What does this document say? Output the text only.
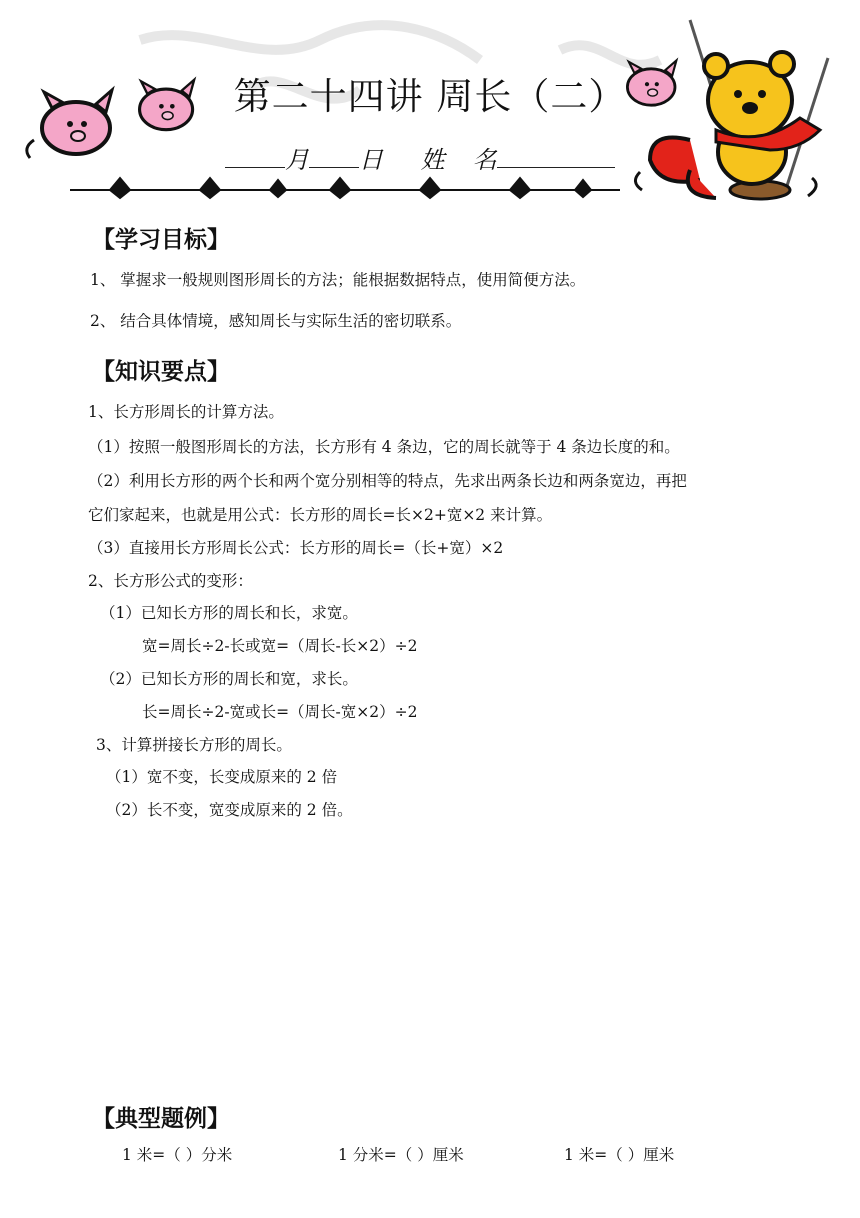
第二十四讲 周长（二）
月 日 姓 名
【学习目标】
1、 掌握求一般规则图形周长的方法；能根据数据特点，使用简便方法。
2、 结合具体情境，感知周长与实际生活的密切联系。
【知识要点】
1、长方形周长的计算方法。
（1）按照一般图形周长的方法，长方形有 4 条边，它的周长就等于 4 条边长度的和。
（2）利用长方形的两个长和两个宽分别相等的特点，先求出两条长边和两条宽边，再把
它们家起来，也就是用公式：长方形的周长=长×2+宽×2 来计算。
（3）直接用长方形周长公式：长方形的周长=（长+宽）×2
2、长方形公式的变形：
（1）已知长方形的周长和长，求宽。
宽=周长÷2-长或宽=（周长-长×2）÷2
（2）已知长方形的周长和宽，求长。
长=周长÷2-宽或长=（周长-宽×2）÷2
3、计算拼接长方形的周长。
（1）宽不变，长变成原来的 2 倍
（2）长不变，宽变成原来的 2 倍。
【典型题例】
1 米=（ ）分米	1 分米=（ ）厘米	1 米=（ ）厘米
